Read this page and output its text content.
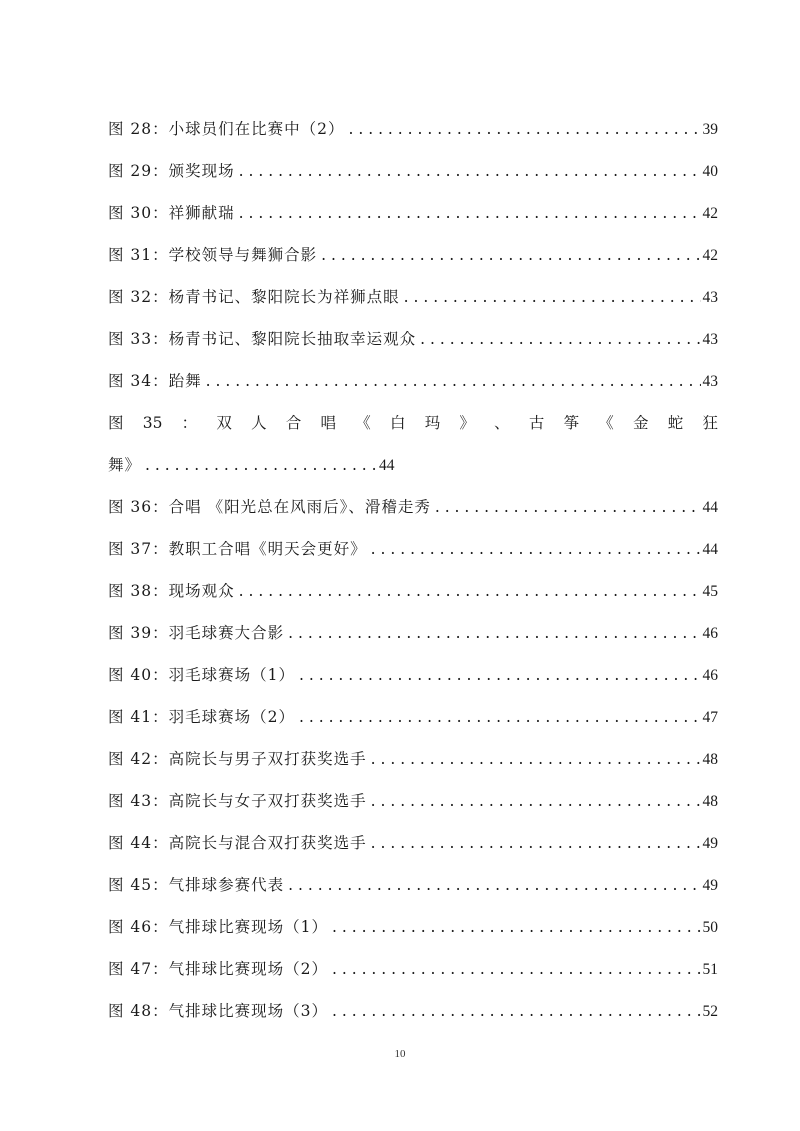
图 28：小球员们在比赛中（2） . . .	39
图 29：颁奖现场 . . .	40
图 30：祥狮献瑞 . . .	42
图 31：学校领导与舞狮合影 . . .	42
图 32：杨青书记、黎阳院长为祥狮点眼 . . .	43
图 33：杨青书记、黎阳院长抽取幸运观众 . . .	43
图 34：跆舞 . . .	43
图 35 ： 双 人 合 唱 《 白 玛 》 、 古 筝 《 金 蛇 狂
舞》 . . .	44
图 36：合唱 《阳光总在风雨后》、滑稽走秀 . . .	44
图 37：教职工合唱《明天会更好》 . . .	44
图 38：现场观众 . . .	45
图 39：羽毛球赛大合影 . . .	46
图 40：羽毛球赛场（1） . . .	46
图 41：羽毛球赛场（2） . . .	47
图 42：高院长与男子双打获奖选手 . . .	48
图 43：高院长与女子双打获奖选手 . . .	48
图 44：高院长与混合双打获奖选手 . . .	49
图 45：气排球参赛代表 . . .	49
图 46：气排球比赛现场（1） . . .	50
图 47：气排球比赛现场（2） . . .	51
图 48：气排球比赛现场（3） . . .	52
10
